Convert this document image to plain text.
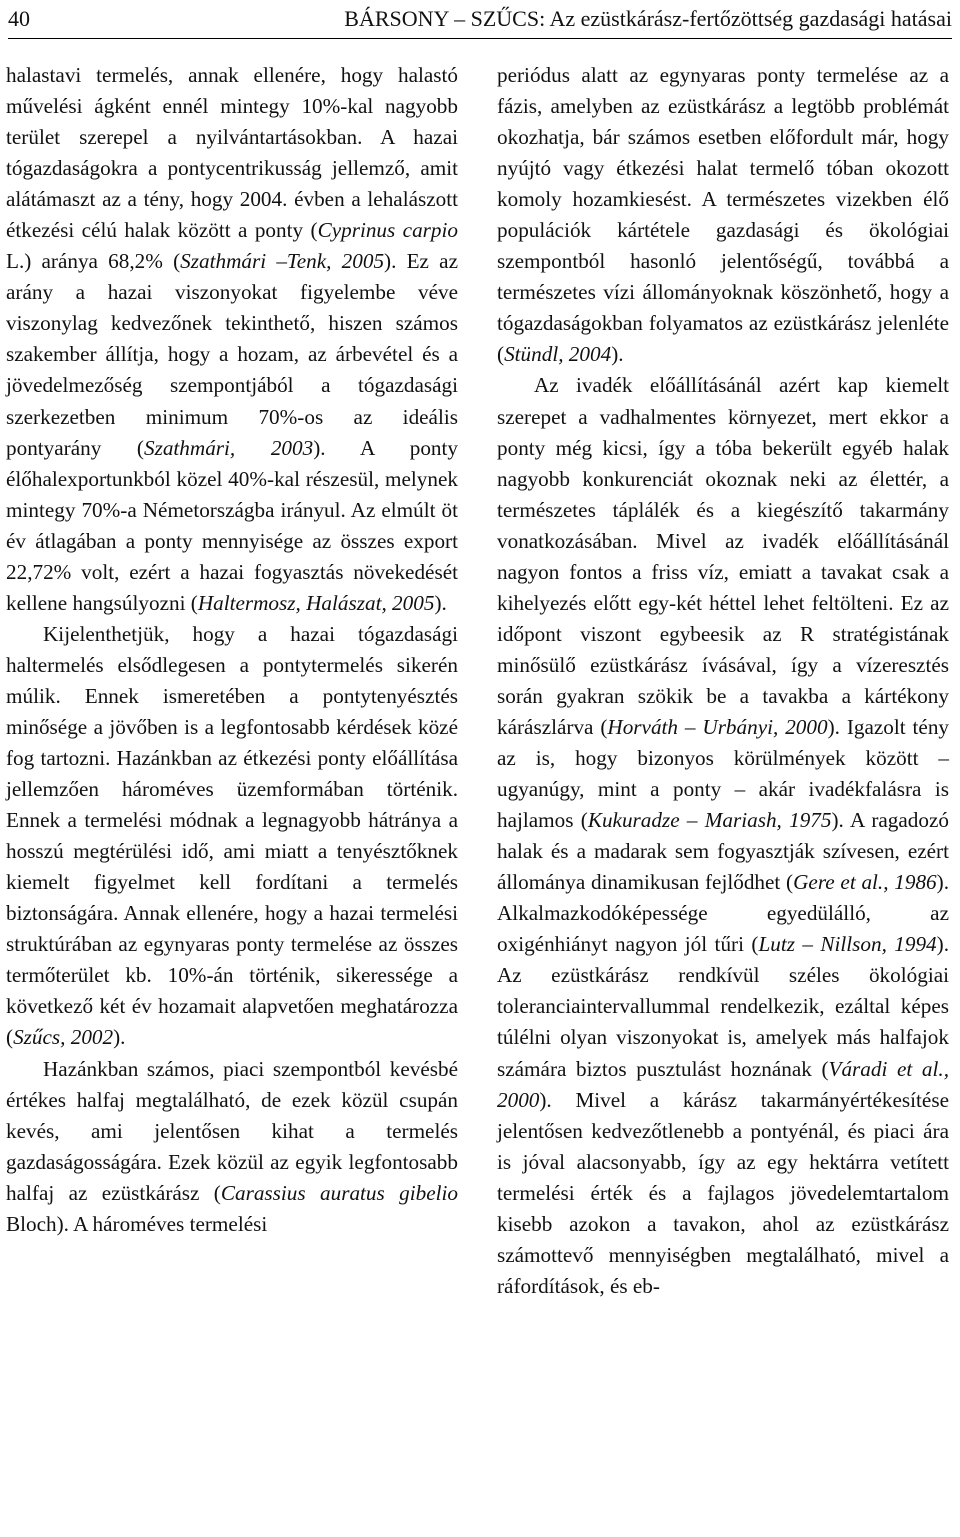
40	BÁRSONY – SZŰCS: Az ezüstkárász-fertőzöttség gazdasági hatásai

halastavi termelés, annak ellenére, hogy halastó művelési ágként ennél mintegy 10%-kal nagyobb terület szerepel a nyilvántartásokban. A hazai tógazdaságokra a pontycentrikusság jellemző, amit alátámaszt az a tény, hogy 2004. évben a lehalászott étkezési célú halak között a ponty (Cyprinus carpio L.) aránya 68,2% (Szathmári –Tenk, 2005). Ez az arány a hazai viszonyokat figyelembe véve viszonylag kedvezőnek tekinthető, hiszen számos szakember állítja, hogy a hozam, az árbevétel és a jövedelmezőség szempontjából a tógazdasági szerkezetben minimum 70%-os az ideális pontyarány (Szathmári, 2003). A ponty élőhalexportunkból közel 40%-kal részesül, melynek mintegy 70%-a Németországba irányul. Az elmúlt öt év átlagában a ponty mennyisége az összes export 22,72% volt, ezért a hazai fogyasztás növekedését kellene hangsúlyozni (Haltermosz, Halászat, 2005).

Kijelenthetjük, hogy a hazai tógazdasági haltermelés elsődlegesen a pontytermelés sikerén múlik. Ennek ismeretében a pontytenyésztés minősége a jövőben is a legfontosabb kérdések közé fog tartozni. Hazánkban az étkezési ponty előállítása jellemzően hároméves üzemformában történik. Ennek a termelési módnak a legnagyobb hátránya a hosszú megtérülési idő, ami miatt a tenyésztőknek kiemelt figyelmet kell fordítani a termelés biztonságára. Annak ellenére, hogy a hazai termelési struktúrában az egynyaras ponty termelése az összes termőterület kb. 10%-án történik, sikeressége a következő két év hozamait alapvetően meghatározza (Szűcs, 2002).

Hazánkban számos, piaci szempontból kevésbé értékes halfaj megtalálható, de ezek közül csupán kevés, ami jelentősen kihat a termelés gazdaságosságára. Ezek közül az egyik legfontosabb halfaj az ezüstkárász (Carassius auratus gibelio Bloch). A hároméves termelési

periódus alatt az egynyaras ponty termelése az a fázis, amelyben az ezüstkárász a legtöbb problémát okozhatja, bár számos esetben előfordult már, hogy nyújtó vagy étkezési halat termelő tóban okozott komoly hozamkiesést. A természetes vizekben élő populációk kártétele gazdasági és ökológiai szempontból hasonló jelentőségű, továbbá a természetes vízi állományoknak köszönhető, hogy a tógazdaságokban folyamatos az ezüstkárász jelenléte (Stündl, 2004).

Az ivadék előállításánál azért kap kiemelt szerepet a vadhalmentes környezet, mert ekkor a ponty még kicsi, így a tóba bekerült egyéb halak nagyobb konkurenciát okoznak neki az élettér, a természetes táplálék és a kiegészítő takarmány vonatkozásában. Mivel az ivadék előállításánál nagyon fontos a friss víz, emiatt a tavakat csak a kihelyezés előtt egy-két héttel lehet feltölteni. Ez az időpont viszont egybeesik az R stratégistának minősülő ezüstkárász ívásával, így a vízeresztés során gyakran szökik be a tavakba a kártékony kárászlárva (Horváth – Urbányi, 2000). Igazolt tény az is, hogy bizonyos körülmények között – ugyanúgy, mint a ponty – akár ivadékfalásra is hajlamos (Kukuradze – Mariash, 1975). A ragadozó halak és a madarak sem fogyasztják szívesen, ezért állománya dinamikusan fejlődhet (Gere et al., 1986). Alkalmazkodóképessége egyedülálló, az oxigénhiányt nagyon jól tűri (Lutz – Nillson, 1994). Az ezüstkárász rendkívül széles ökológiai toleranciaintervallummal rendelkezik, ezáltal képes túlélni olyan viszonyokat is, amelyek más halfajok számára biztos pusztulást hoznának (Váradi et al., 2000). Mivel a kárász takarmányértékesítése jelentősen kedvezőtlenebb a pontyénál, és piaci ára is jóval alacsonyabb, így az egy hektárra vetített termelési érték és a fajlagos jövedelemtartalom kisebb azokon a tavakon, ahol az ezüstkárász számottevő mennyiségben megtalálható, mivel a ráfordítások, és eb-
